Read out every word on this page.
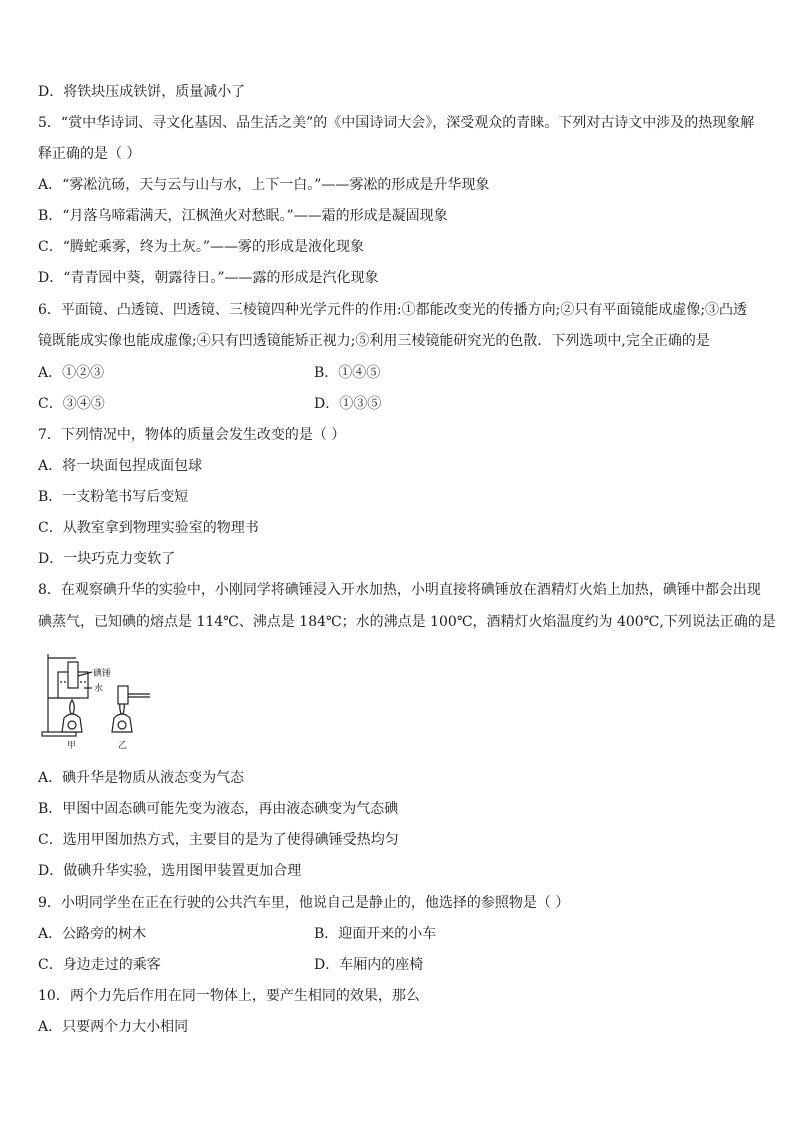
D．将铁块压成铁饼，质量减小了
5．“赏中华诗词、寻文化基因、品生活之美”的《中国诗词大会》，深受观众的青睐。下列对古诗文中涉及的热现象解
释正确的是（ ）
A．“雾凇沆砀，天与云与山与水，上下一白。”——雾凇的形成是升华现象
B．“月落乌啼霜满天，江枫渔火对愁眠。”——霜的形成是凝固现象
C．“腾蛇乘雾，终为土灰。”——雾的形成是液化现象
D．“青青园中葵，朝露待日。”——露的形成是汽化现象
6．平面镜、凸透镜、凹透镜、三棱镜四种光学元件的作用:①都能改变光的传播方向;②只有平面镜能成虚像;③凸透
镜既能成实像也能成虚像;④只有凹透镜能矫正视力;⑤利用三棱镜能研究光的色散．下列选项中,完全正确的是
A．①②③	B．①④⑤
C．③④⑤	D．①③⑤
7．下列情况中，物体的质量会发生改变的是（ ）
A．将一块面包捏成面包球
B．一支粉笔书写后变短
C．从教室拿到物理实验室的物理书
D．一块巧克力变软了
8．在观察碘升华的实验中，小刚同学将碘锤浸入开水加热，小明直接将碘锤放在酒精灯火焰上加热，碘锤中都会出现
碘蒸气，已知碘的熔点是 114℃、沸点是 184℃；水的沸点是 100℃，酒精灯火焰温度约为 400℃,下列说法正确的是
碘锤
水
甲	乙
A．碘升华是物质从液态变为气态
B．甲图中固态碘可能先变为液态，再由液态碘变为气态碘
C．选用甲图加热方式，主要目的是为了使得碘锤受热均匀
D．做碘升华实验，选用图甲装置更加合理
9．小明同学坐在正在行驶的公共汽车里，他说自己是静止的，他选择的参照物是（ ）
A．公路旁的树木	B．迎面开来的小车
C．身边走过的乘客	D．车厢内的座椅
10．两个力先后作用在同一物体上，要产生相同的效果，那么
A．只要两个力大小相同
